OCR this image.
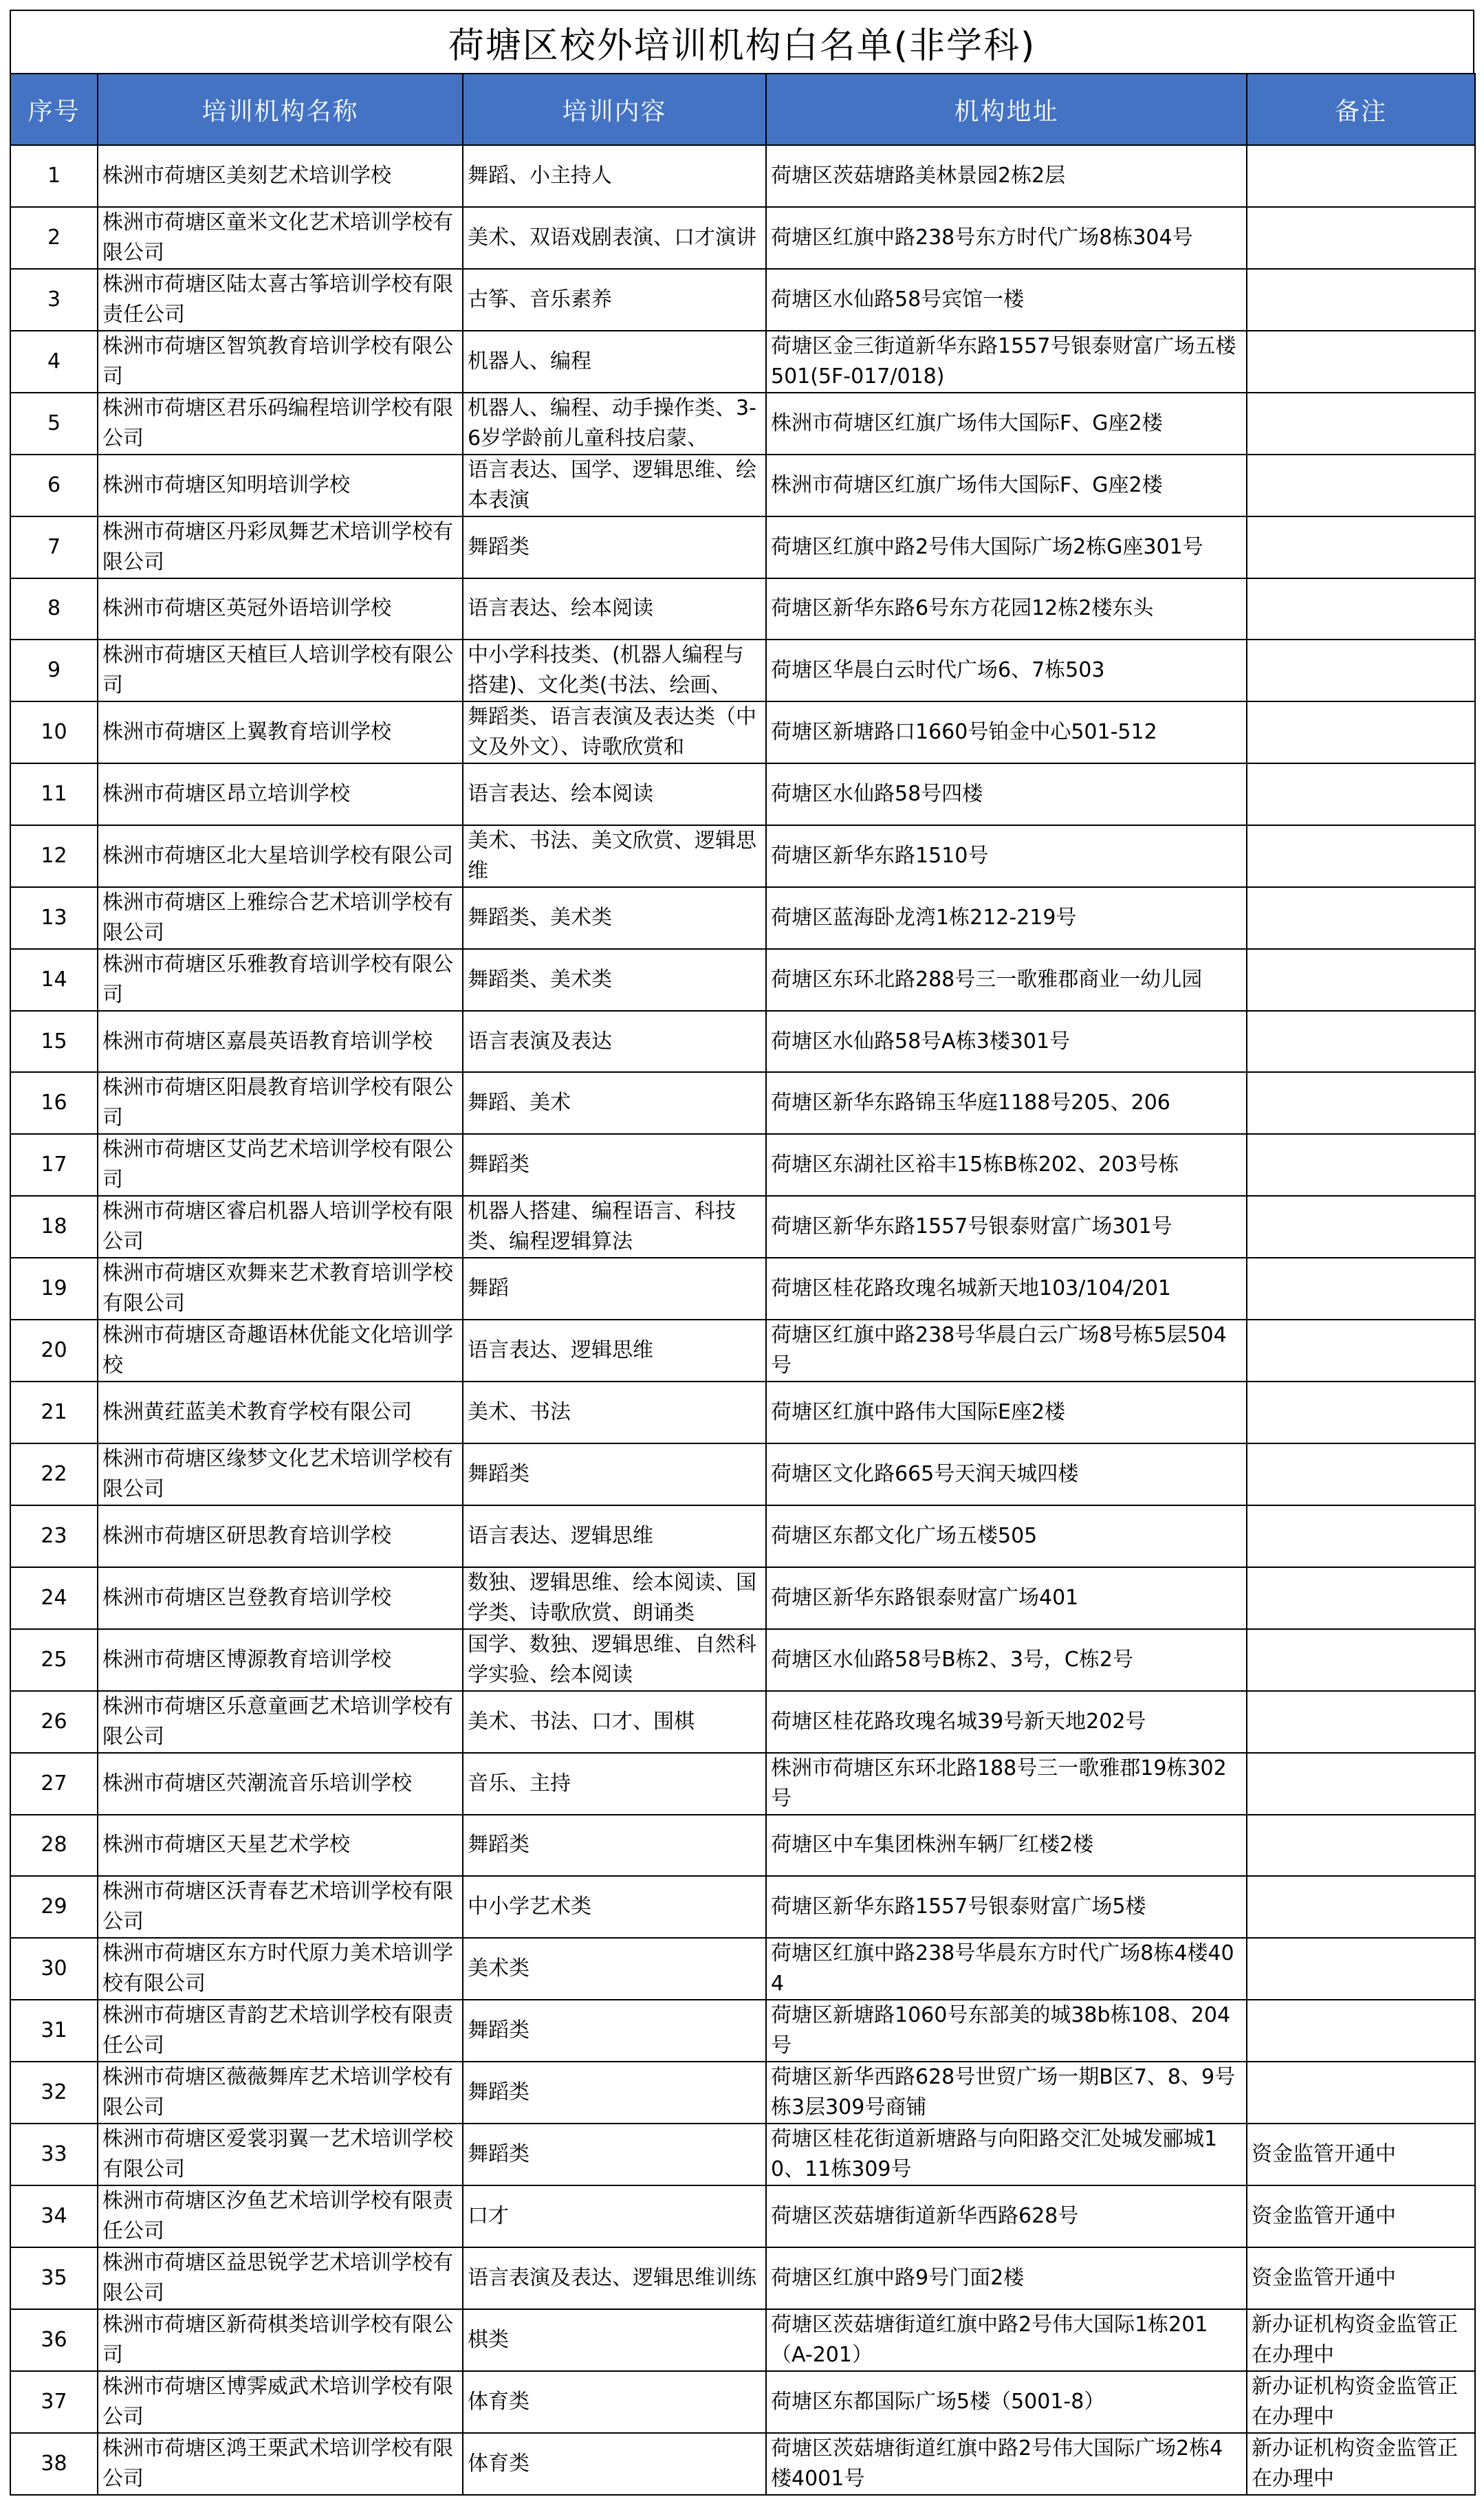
荷塘区校外培训机构白名单(非学科)
序号	培训机构名称	培训内容	机构地址	备注

1	株洲市荷塘区美刻艺术培训学校	舞蹈、小主持人	荷塘区茨菇塘路美林景园2栋2层	

2	株洲市荷塘区童米文化艺术培训学校有限公司	美术、双语戏剧表演、口才演讲	荷塘区红旗中路238号东方时代广场8栋304号	

3	株洲市荷塘区陆太喜古筝培训学校有限责任公司	古筝、音乐素养	荷塘区水仙路58号宾馆一楼	

4	株洲市荷塘区智筑教育培训学校有限公司	机器人、编程	荷塘区金三街道新华东路1557号银泰财富广场五楼501(5F-017/018)	

5	株洲市荷塘区君乐码编程培训学校有限公司	机器人、编程、动手操作类、3-6岁学龄前儿童科技启蒙、	株洲市荷塘区红旗广场伟大国际F、G座2楼	

6	株洲市荷塘区知明培训学校	语言表达、国学、逻辑思维、绘本表演	株洲市荷塘区红旗广场伟大国际F、G座2楼	

7	株洲市荷塘区丹彩凤舞艺术培训学校有限公司	舞蹈类	荷塘区红旗中路2号伟大国际广场2栋G座301号	

8	株洲市荷塘区英冠外语培训学校	语言表达、绘本阅读	荷塘区新华东路6号东方花园12栋2楼东头	

9	株洲市荷塘区天植巨人培训学校有限公司	中小学科技类、(机器人编程与搭建)、文化类(书法、绘画、	荷塘区华晨白云时代广场6、7栋503	

10	株洲市荷塘区上翼教育培训学校	舞蹈类、语言表演及表达类（中文及外文）、诗歌欣赏和	荷塘区新塘路口1660号铂金中心501-512	

11	株洲市荷塘区昂立培训学校	语言表达、绘本阅读	荷塘区水仙路58号四楼	

12	株洲市荷塘区北大星培训学校有限公司	美术、书法、美文欣赏、逻辑思维	荷塘区新华东路1510号	

13	株洲市荷塘区上雅综合艺术培训学校有限公司	舞蹈类、美术类	荷塘区蓝海卧龙湾1栋212-219号	

14	株洲市荷塘区乐雅教育培训学校有限公司	舞蹈类、美术类	荷塘区东环北路288号三一歌雅郡商业一幼儿园	

15	株洲市荷塘区嘉晨英语教育培训学校	语言表演及表达	荷塘区水仙路58号A栋3楼301号	

16	株洲市荷塘区阳晨教育培训学校有限公司	舞蹈、美术	荷塘区新华东路锦玉华庭1188号205、206	

17	株洲市荷塘区艾尚艺术培训学校有限公司	舞蹈类	荷塘区东湖社区裕丰15栋B栋202、203号栋	

18	株洲市荷塘区睿启机器人培训学校有限公司	机器人搭建、编程语言、科技类、编程逻辑算法	荷塘区新华东路1557号银泰财富广场301号	

19	株洲市荷塘区欢舞来艺术教育培训学校有限公司	舞蹈	荷塘区桂花路玫瑰名城新天地103/104/201	

20	株洲市荷塘区奇趣语林优能文化培训学校	语言表达、逻辑思维	荷塘区红旗中路238号华晨白云广场8号栋5层504号	

21	株洲黄荭蓝美术教育学校有限公司	美术、书法	荷塘区红旗中路伟大国际E座2楼	

22	株洲市荷塘区缘梦文化艺术培训学校有限公司	舞蹈类	荷塘区文化路665号天润天城四楼	

23	株洲市荷塘区研思教育培训学校	语言表达、逻辑思维	荷塘区东都文化广场五楼505	

24	株洲市荷塘区岂登教育培训学校	数独、逻辑思维、绘本阅读、国学类、诗歌欣赏、朗诵类	荷塘区新华东路银泰财富广场401	

25	株洲市荷塘区博源教育培训学校	国学、数独、逻辑思维、自然科学实验、绘本阅读	荷塘区水仙路58号B栋2、3号，C栋2号	

26	株洲市荷塘区乐意童画艺术培训学校有限公司	美术、书法、口才、围棋	荷塘区桂花路玫瑰名城39号新天地202号	

27	株洲市荷塘区茓潮流音乐培训学校	音乐、主持	株洲市荷塘区东环北路188号三一歌雅郡19栋302号	

28	株洲市荷塘区天星艺术学校	舞蹈类	荷塘区中车集团株洲车辆厂红楼2楼	

29	株洲市荷塘区沃青春艺术培训学校有限公司	中小学艺术类	荷塘区新华东路1557号银泰财富广场5楼	

30	株洲市荷塘区东方时代原力美术培训学校有限公司	美术类	荷塘区红旗中路238号华晨东方时代广场8栋4楼404	

31	株洲市荷塘区青韵艺术培训学校有限责任公司	舞蹈类	荷塘区新塘路1060号东部美的城38b栋108、204号	

32	株洲市荷塘区薇薇舞库艺术培训学校有限公司	舞蹈类	荷塘区新华西路628号世贸广场一期B区7、8、9号栋3层309号商铺	

33	株洲市荷塘区爱裳羽翼一艺术培训学校有限公司	舞蹈类	荷塘区桂花街道新塘路与向阳路交汇处城发郦城10、11栋309号	资金监管开通中

34	株洲市荷塘区汐鱼艺术培训学校有限责任公司	口才	荷塘区茨菇塘街道新华西路628号	资金监管开通中

35	株洲市荷塘区益思锐学艺术培训学校有限公司	语言表演及表达、逻辑思维训练	荷塘区红旗中路9号门面2楼	资金监管开通中

36	株洲市荷塘区新荷棋类培训学校有限公司	棋类	荷塘区茨菇塘街道红旗中路2号伟大国际1栋201（A-201）	新办证机构资金监管正在办理中

37	株洲市荷塘区博霁威武术培训学校有限公司	体育类	荷塘区东都国际广场5楼（5001-8）	新办证机构资金监管正在办理中

38	株洲市荷塘区鸿王栗武术培训学校有限公司	体育类	荷塘区茨菇塘街道红旗中路2号伟大国际广场2栋4楼4001号	新办证机构资金监管正在办理中
